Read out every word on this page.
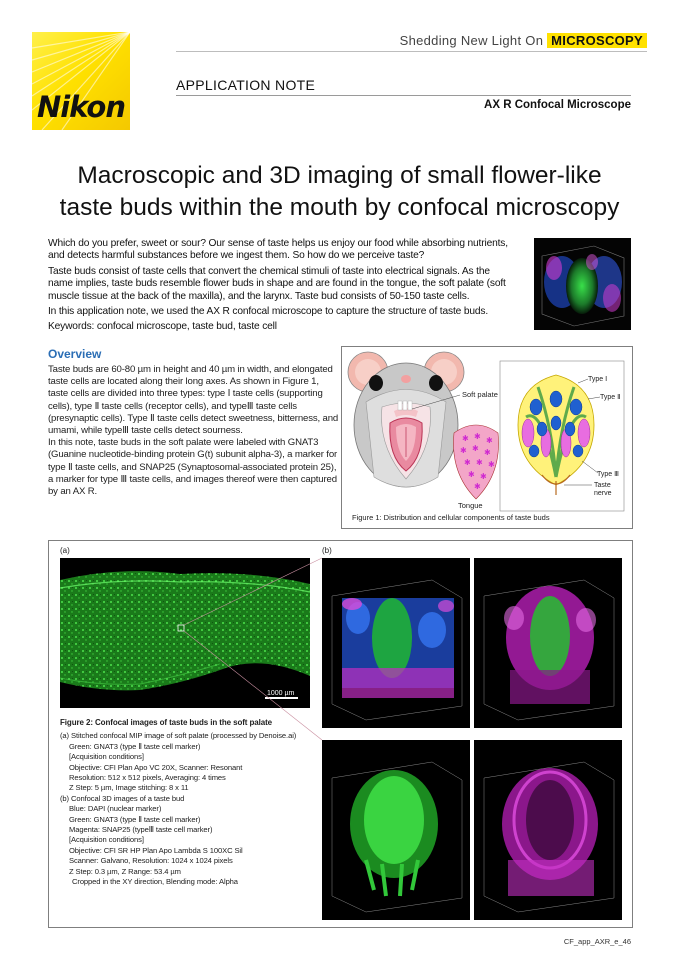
Nikon
Shedding New Light On MICROSCOPY
APPLICATION NOTE
AX R Confocal Microscope
Macroscopic and 3D imaging of small flower-like
taste buds within the mouth by confocal microscopy

Which do you prefer, sweet or sour? Our sense of taste helps us enjoy our food while absorbing nutrients, and detects harmful substances before we ingest them. So how do we perceive taste?

Taste buds consist of taste cells that convert the chemical stimuli of taste into electrical signals. As the name implies, taste buds resemble flower buds in shape and are found in the tongue, the soft palate (soft muscle tissue at the back of the maxilla), and the larynx. Taste bud consists of 50-150 taste cells.

In this application note, we used the AX R confocal microscope to capture the structure of taste buds.

Keywords: confocal microscope, taste bud, taste cell

Overview

Taste buds are 60-80 µm in height and 40 µm in width, and elongated taste cells are located along their long axes. As shown in Figure 1, taste cells are divided into three types: type Ⅰ taste cells (supporting cells), type Ⅱ taste cells (receptor cells), and typeⅢ taste cells (presynaptic cells). Type Ⅱ taste cells detect sweetness, bitterness, and umami, while typeⅢ taste cells detect sourness.

In this note, taste buds in the soft palate were labeled with GNAT3 (Guanine nucleotide-binding protein G(t) subunit alpha-3), a marker for type Ⅱ taste cells, and SNAP25 (Synaptosomal-associated protein 25), a marker for type Ⅲ taste cells, and images thereof were then captured by an AX R.

Soft palate
✱ ✱ ✱
✱ ✱ ✱
✱ ✱ ✱
✱ ✱
✱
Tongue
Type Ⅰ
Type Ⅱ
Type Ⅲ
Taste
nerve
Figure 1: Distribution and cellular components of taste buds
(a)	(b)
1000 µm
Figure 2: Confocal images of taste buds in the soft palate
(a) Stitched confocal MIP image of soft palate (processed by Denoise.ai)
Green: GNAT3 (type Ⅱ taste cell marker)
[Acquisition conditions]
Objective: CFI Plan Apo VC 20X, Scanner: Resonant
Resolution: 512 x 512 pixels, Averaging: 4 times
Z Step: 5 µm, Image stitching: 8 x 11
(b) Confocal 3D images of a taste bud
Blue: DAPI (nuclear marker)
Green: GNAT3 (type Ⅱ taste cell marker)
Magenta: SNAP25 (typeⅢ taste cell marker)
[Acquisition conditions]
Objective: CFI SR HP Plan Apo Lambda S 100XC Sil
Scanner: Galvano, Resolution: 1024 x 1024 pixels
Z Step: 0.3 µm, Z Range: 53.4 µm
Cropped in the XY direction, Blending mode: Alpha
CF_app_AXR_e_46
